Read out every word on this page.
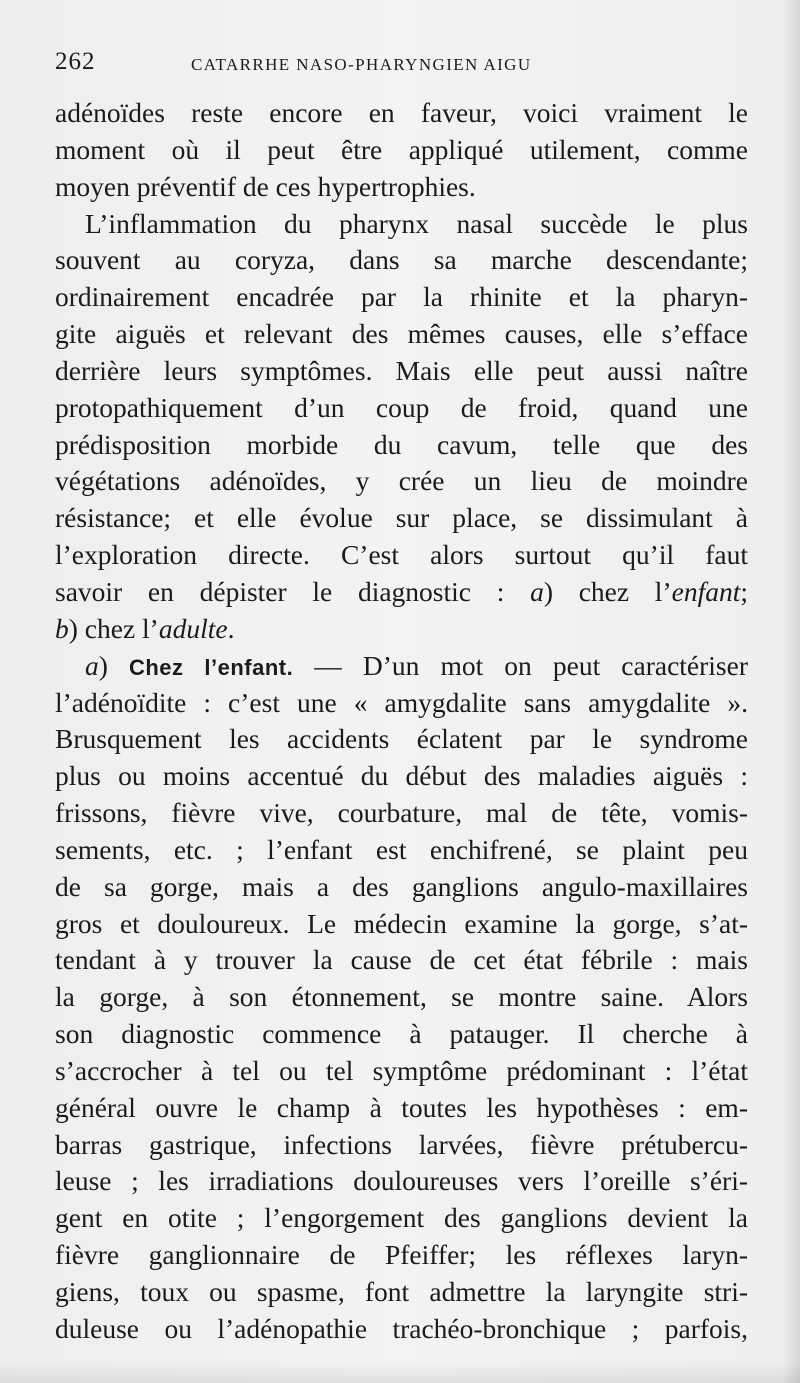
262	CATARRHE NASO-PHARYNGIEN AIGU
adénoïdes reste encore en faveur, voici vraiment le
moment où il peut être appliqué utilement, comme
moyen préventif de ces hypertrophies.
L’inflammation du pharynx nasal succède le plus
souvent au coryza, dans sa marche descendante;
ordinairement encadrée par la rhinite et la pharyn-
gite aiguës et relevant des mêmes causes, elle s’efface
derrière leurs symptômes. Mais elle peut aussi naître
protopathiquement d’un coup de froid, quand une
prédisposition morbide du cavum, telle que des
végétations adénoïdes, y crée un lieu de moindre
résistance; et elle évolue sur place, se dissimulant à
l’exploration directe. C’est alors surtout qu’il faut
savoir en dépister le diagnostic : a) chez l’enfant;
b) chez l’adulte.
a) Chez l’enfant. — D’un mot on peut caractériser
l’adénoïdite : c’est une « amygdalite sans amygdalite ».
Brusquement les accidents éclatent par le syndrome
plus ou moins accentué du début des maladies aiguës :
frissons, fièvre vive, courbature, mal de tête, vomis-
sements, etc. ; l’enfant est enchifrené, se plaint peu
de sa gorge, mais a des ganglions angulo-maxillaires
gros et douloureux. Le médecin examine la gorge, s’at-
tendant à y trouver la cause de cet état fébrile : mais
la gorge, à son étonnement, se montre saine. Alors
son diagnostic commence à patauger. Il cherche à
s’accrocher à tel ou tel symptôme prédominant : l’état
général ouvre le champ à toutes les hypothèses : em-
barras gastrique, infections larvées, fièvre prétubercu-
leuse ; les irradiations douloureuses vers l’oreille s’éri-
gent en otite ; l’engorgement des ganglions devient la
fièvre ganglionnaire de Pfeiffer; les réflexes laryn-
giens, toux ou spasme, font admettre la laryngite stri-
duleuse ou l’adénopathie trachéo-bronchique ; parfois,
